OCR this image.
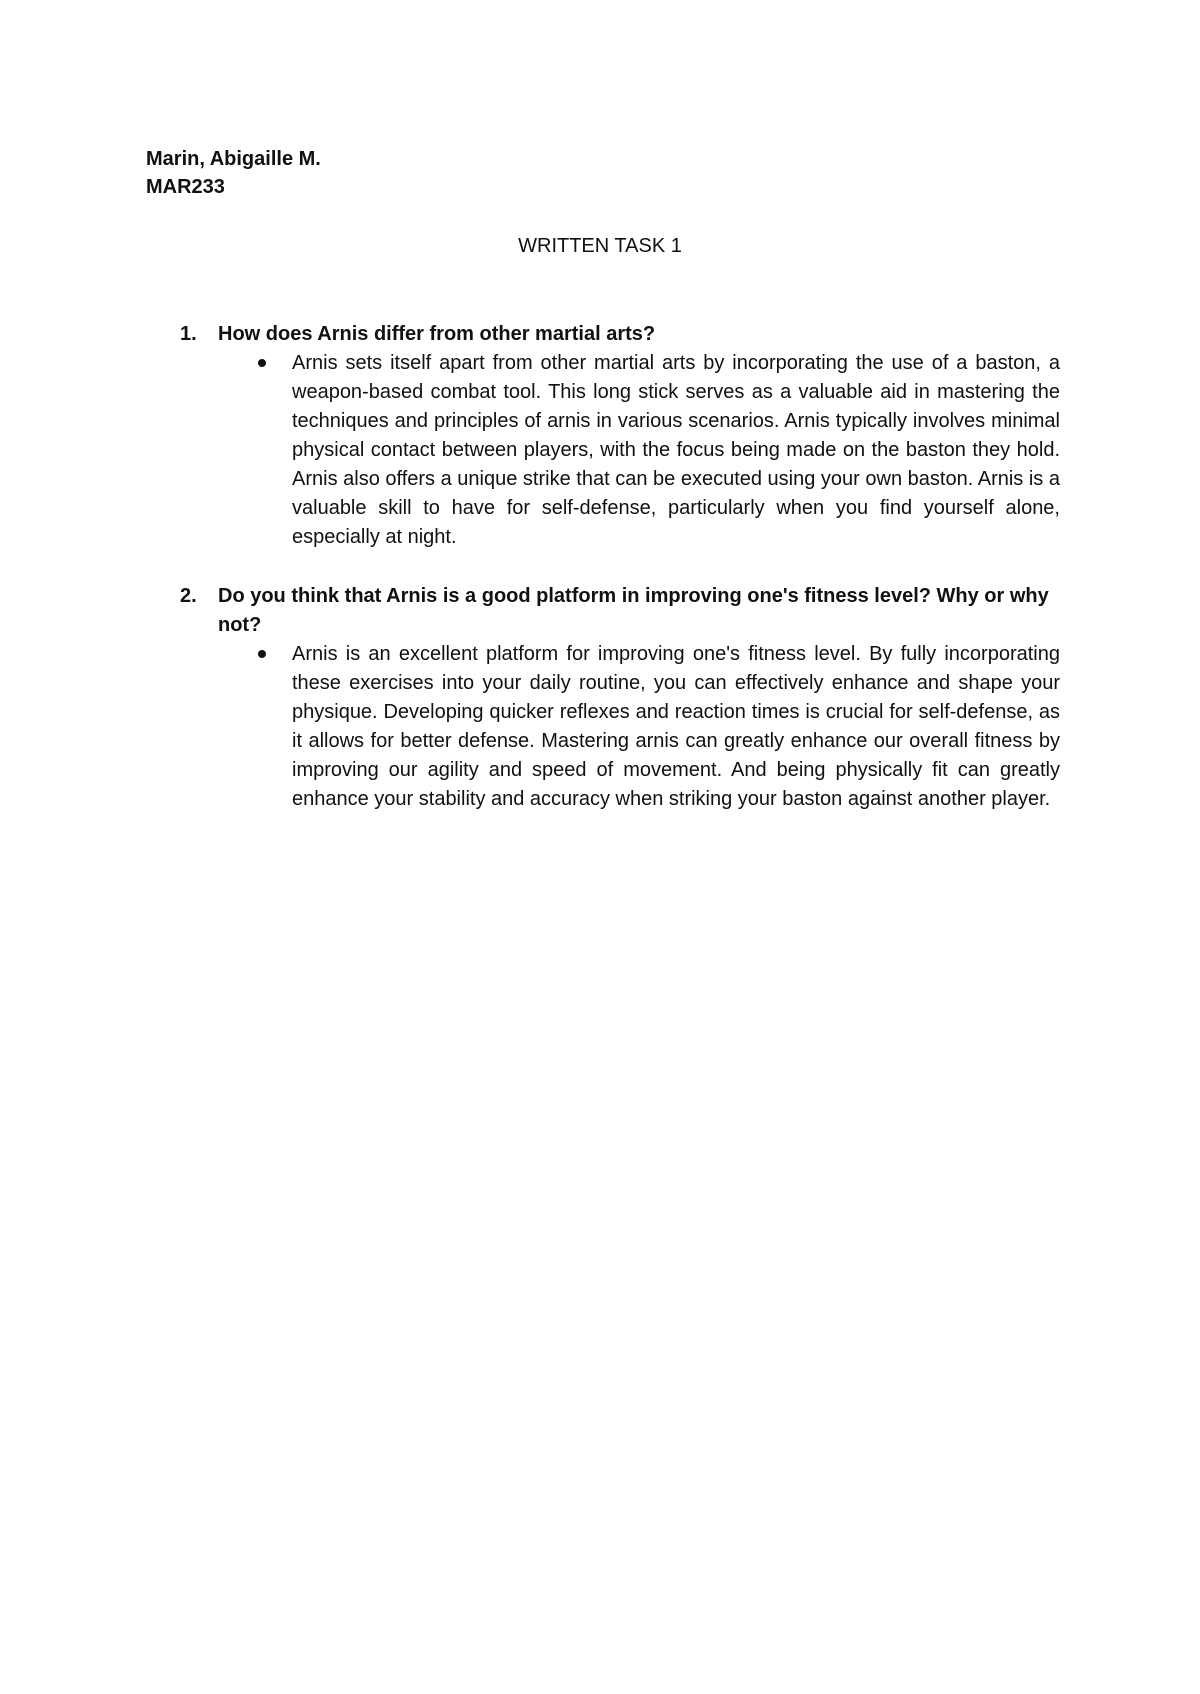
Marin, Abigaille M.
MAR233
WRITTEN TASK 1
1.	How does Arnis differ from other martial arts?
Arnis sets itself apart from other martial arts by incorporating the use of a baston, a weapon-based combat tool. This long stick serves as a valuable aid in mastering the techniques and principles of arnis in various scenarios. Arnis typically involves minimal physical contact between players, with the focus being made on the baston they hold. Arnis also offers a unique strike that can be executed using your own baston. Arnis is a valuable skill to have for self-defense, particularly when you find yourself alone, especially at night.
2.	Do you think that Arnis is a good platform in improving one's fitness level? Why or why not?
Arnis is an excellent platform for improving one's fitness level. By fully incorporating these exercises into your daily routine, you can effectively enhance and shape your physique. Developing quicker reflexes and reaction times is crucial for self-defense, as it allows for better defense. Mastering arnis can greatly enhance our overall fitness by improving our agility and speed of movement. And being physically fit can greatly enhance your stability and accuracy when striking your baston against another player.
